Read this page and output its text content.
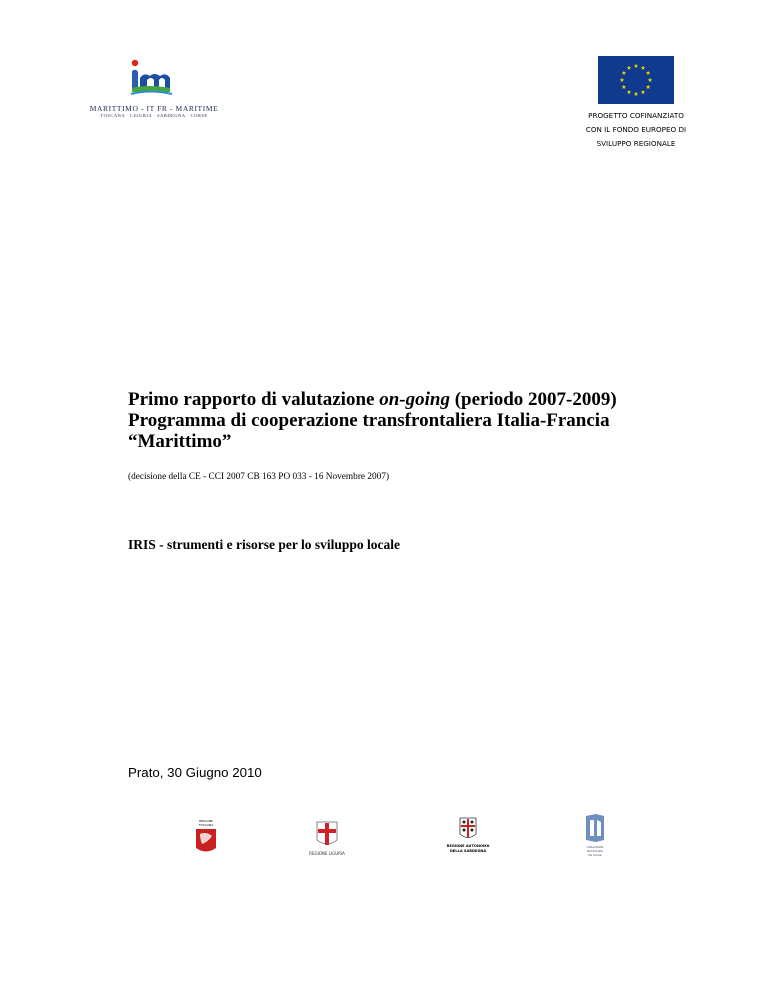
MARITTIMO - IT FR - MARITIME
TOSCANA · LIGURIA · SARDEGNA · CORSE	PROGETTO COFINANZIATO
CON IL FONDO EUROPEO DI
SVILUPPO REGIONALE
Primo rapporto di valutazione on-going (periodo 2007-2009)
Programma di cooperazione transfrontaliera Italia-Francia
“Marittimo”
(decisione della CE - CCI 2007 CB 163 PO 033 - 16 Novembre 2007)
IRIS - strumenti e risorse per lo sviluppo locale
Prato, 30 Giugno 2010
REGIONE
TOSCANA
REGIONE LIGURIA
REGIONE AUTONOMA
DELLA SARDEGNA
Collectivité
Territoriale
de Corse
